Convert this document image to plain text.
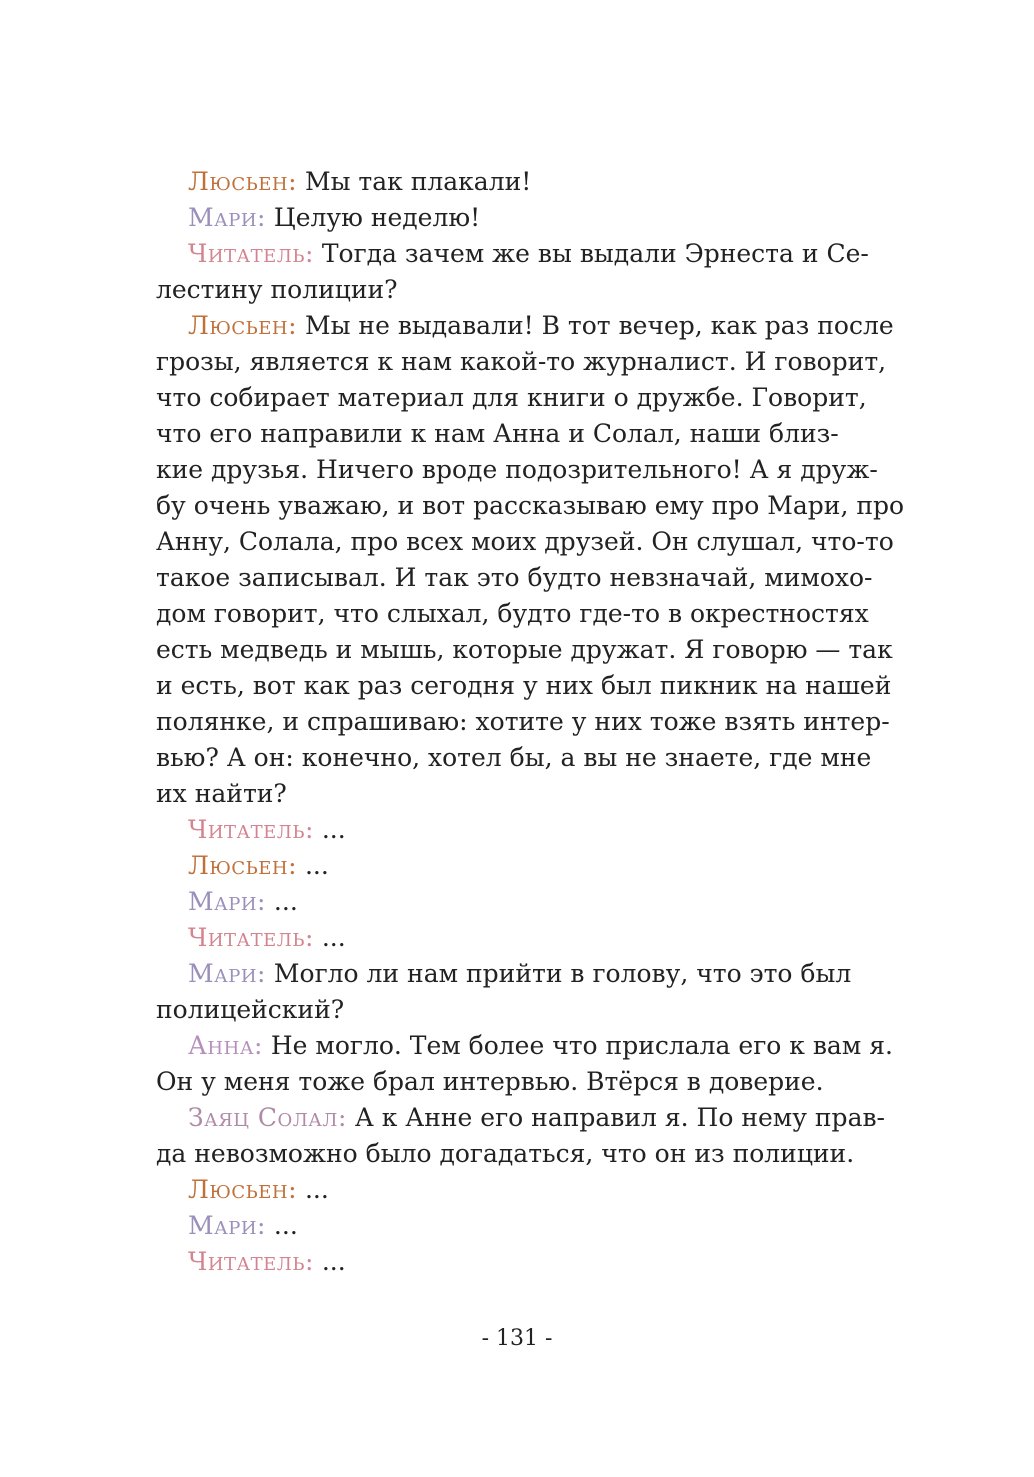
Люсьен: Мы так плакали!
Мари: Целую неделю!
Читатель: Тогда зачем же вы выдали Эрнеста и Се-
лестину полиции?
Люсьен: Мы не выдавали! В тот вечер, как раз после
грозы, является к нам какой-то журналист. И говорит,
что собирает материал для книги о дружбе. Говорит,
что его направили к нам Анна и Солал, наши близ-
кие друзья. Ничего вроде подозрительного! А я друж-
бу очень уважаю, и вот рассказываю ему про Мари, про
Анну, Солала, про всех моих друзей. Он слушал, что-то
такое записывал. И так это будто невзначай, мимохо-
дом говорит, что слыхал, будто где-то в окрестностях
есть медведь и мышь, которые дружат. Я говорю — так
и есть, вот как раз сегодня у них был пикник на нашей
полянке, и спрашиваю: хотите у них тоже взять интер-
вью? А он: конечно, хотел бы, а вы не знаете, где мне
их найти?
Читатель: ...
Люсьен: ...
Мари: ...
Читатель: ...
Мари: Могло ли нам прийти в голову, что это был
полицейский?
Анна: Не могло. Тем более что прислала его к вам я.
Он у меня тоже брал интервью. Втёрся в доверие.
Заяц Солал: А к Анне его направил я. По нему прав-
да невозможно было догадаться, что он из полиции.
Люсьен: ...
Мари: ...
Читатель: ...
- 131 -
